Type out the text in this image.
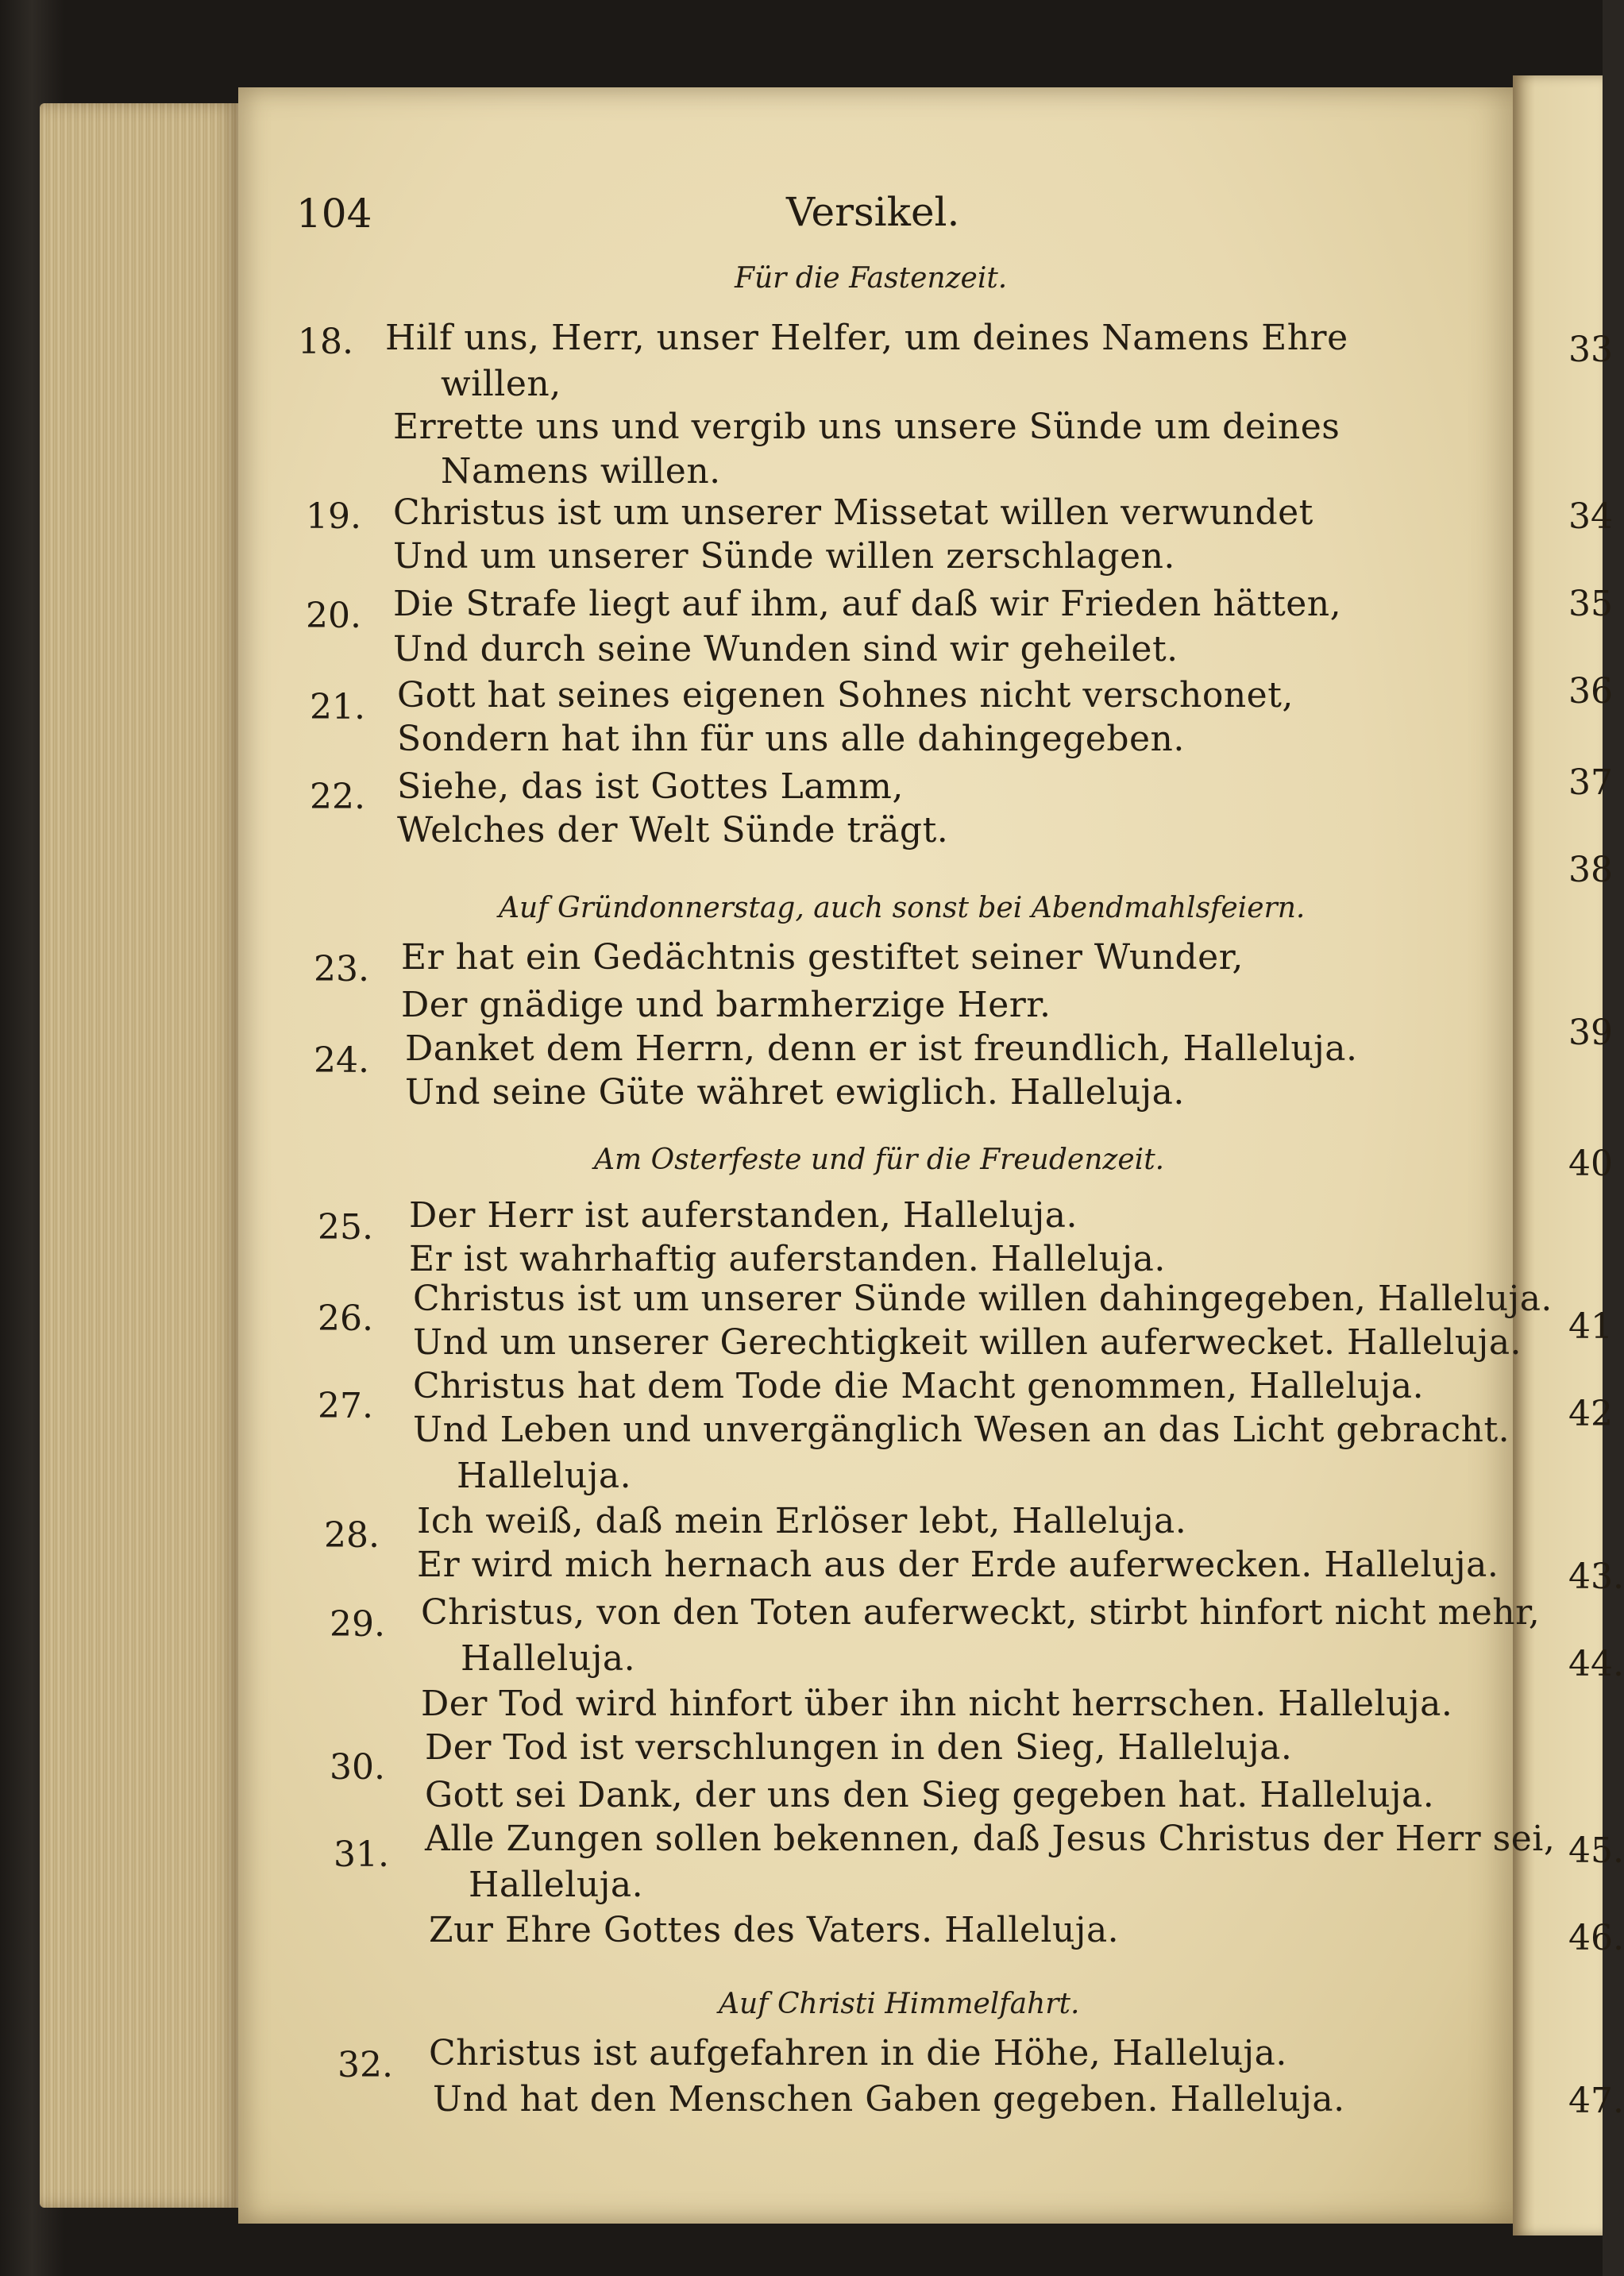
33
34
35
36
37
38
39
40
41
42
43.
44.
45.
46.
47.
104	Versikel.
Für die Fastenzeit.
18. Hilf uns, Herr, unser Helfer, um deines Namens Ehre
willen,
Errette uns und vergib uns unsere Sünde um deines
Namens willen.
19. Christus ist um unserer Missetat willen verwundet
Und um unserer Sünde willen zerschlagen.
20. Die Strafe liegt auf ihm, auf daß wir Frieden hätten,
Und durch seine Wunden sind wir geheilet.
21. Gott hat seines eigenen Sohnes nicht verschonet,
Sondern hat ihn für uns alle dahingegeben.
22. Siehe, das ist Gottes Lamm,
Welches der Welt Sünde trägt.
Auf Gründonnerstag, auch sonst bei Abendmahlsfeiern.
23. Er hat ein Gedächtnis gestiftet seiner Wunder,
Der gnädige und barmherzige Herr.
24. Danket dem Herrn, denn er ist freundlich, Halleluja.
Und seine Güte währet ewiglich. Halleluja.
Am Osterfeste und für die Freudenzeit.
25. Der Herr ist auferstanden, Halleluja.
Er ist wahrhaftig auferstanden. Halleluja.
26. Christus ist um unserer Sünde willen dahingegeben, Halleluja.
Und um unserer Gerechtigkeit willen auferwecket. Halleluja.
27. Christus hat dem Tode die Macht genommen, Halleluja.
Und Leben und unvergänglich Wesen an das Licht gebracht.
Halleluja.
28. Ich weiß, daß mein Erlöser lebt, Halleluja.
Er wird mich hernach aus der Erde auferwecken. Halleluja.
29. Christus, von den Toten auferweckt, stirbt hinfort nicht mehr,
Halleluja.
Der Tod wird hinfort über ihn nicht herrschen. Halleluja.
30. Der Tod ist verschlungen in den Sieg, Halleluja.
Gott sei Dank, der uns den Sieg gegeben hat. Halleluja.
31. Alle Zungen sollen bekennen, daß Jesus Christus der Herr sei,
Halleluja.
Zur Ehre Gottes des Vaters. Halleluja.
Auf Christi Himmelfahrt.
32. Christus ist aufgefahren in die Höhe, Halleluja.
Und hat den Menschen Gaben gegeben. Halleluja.
